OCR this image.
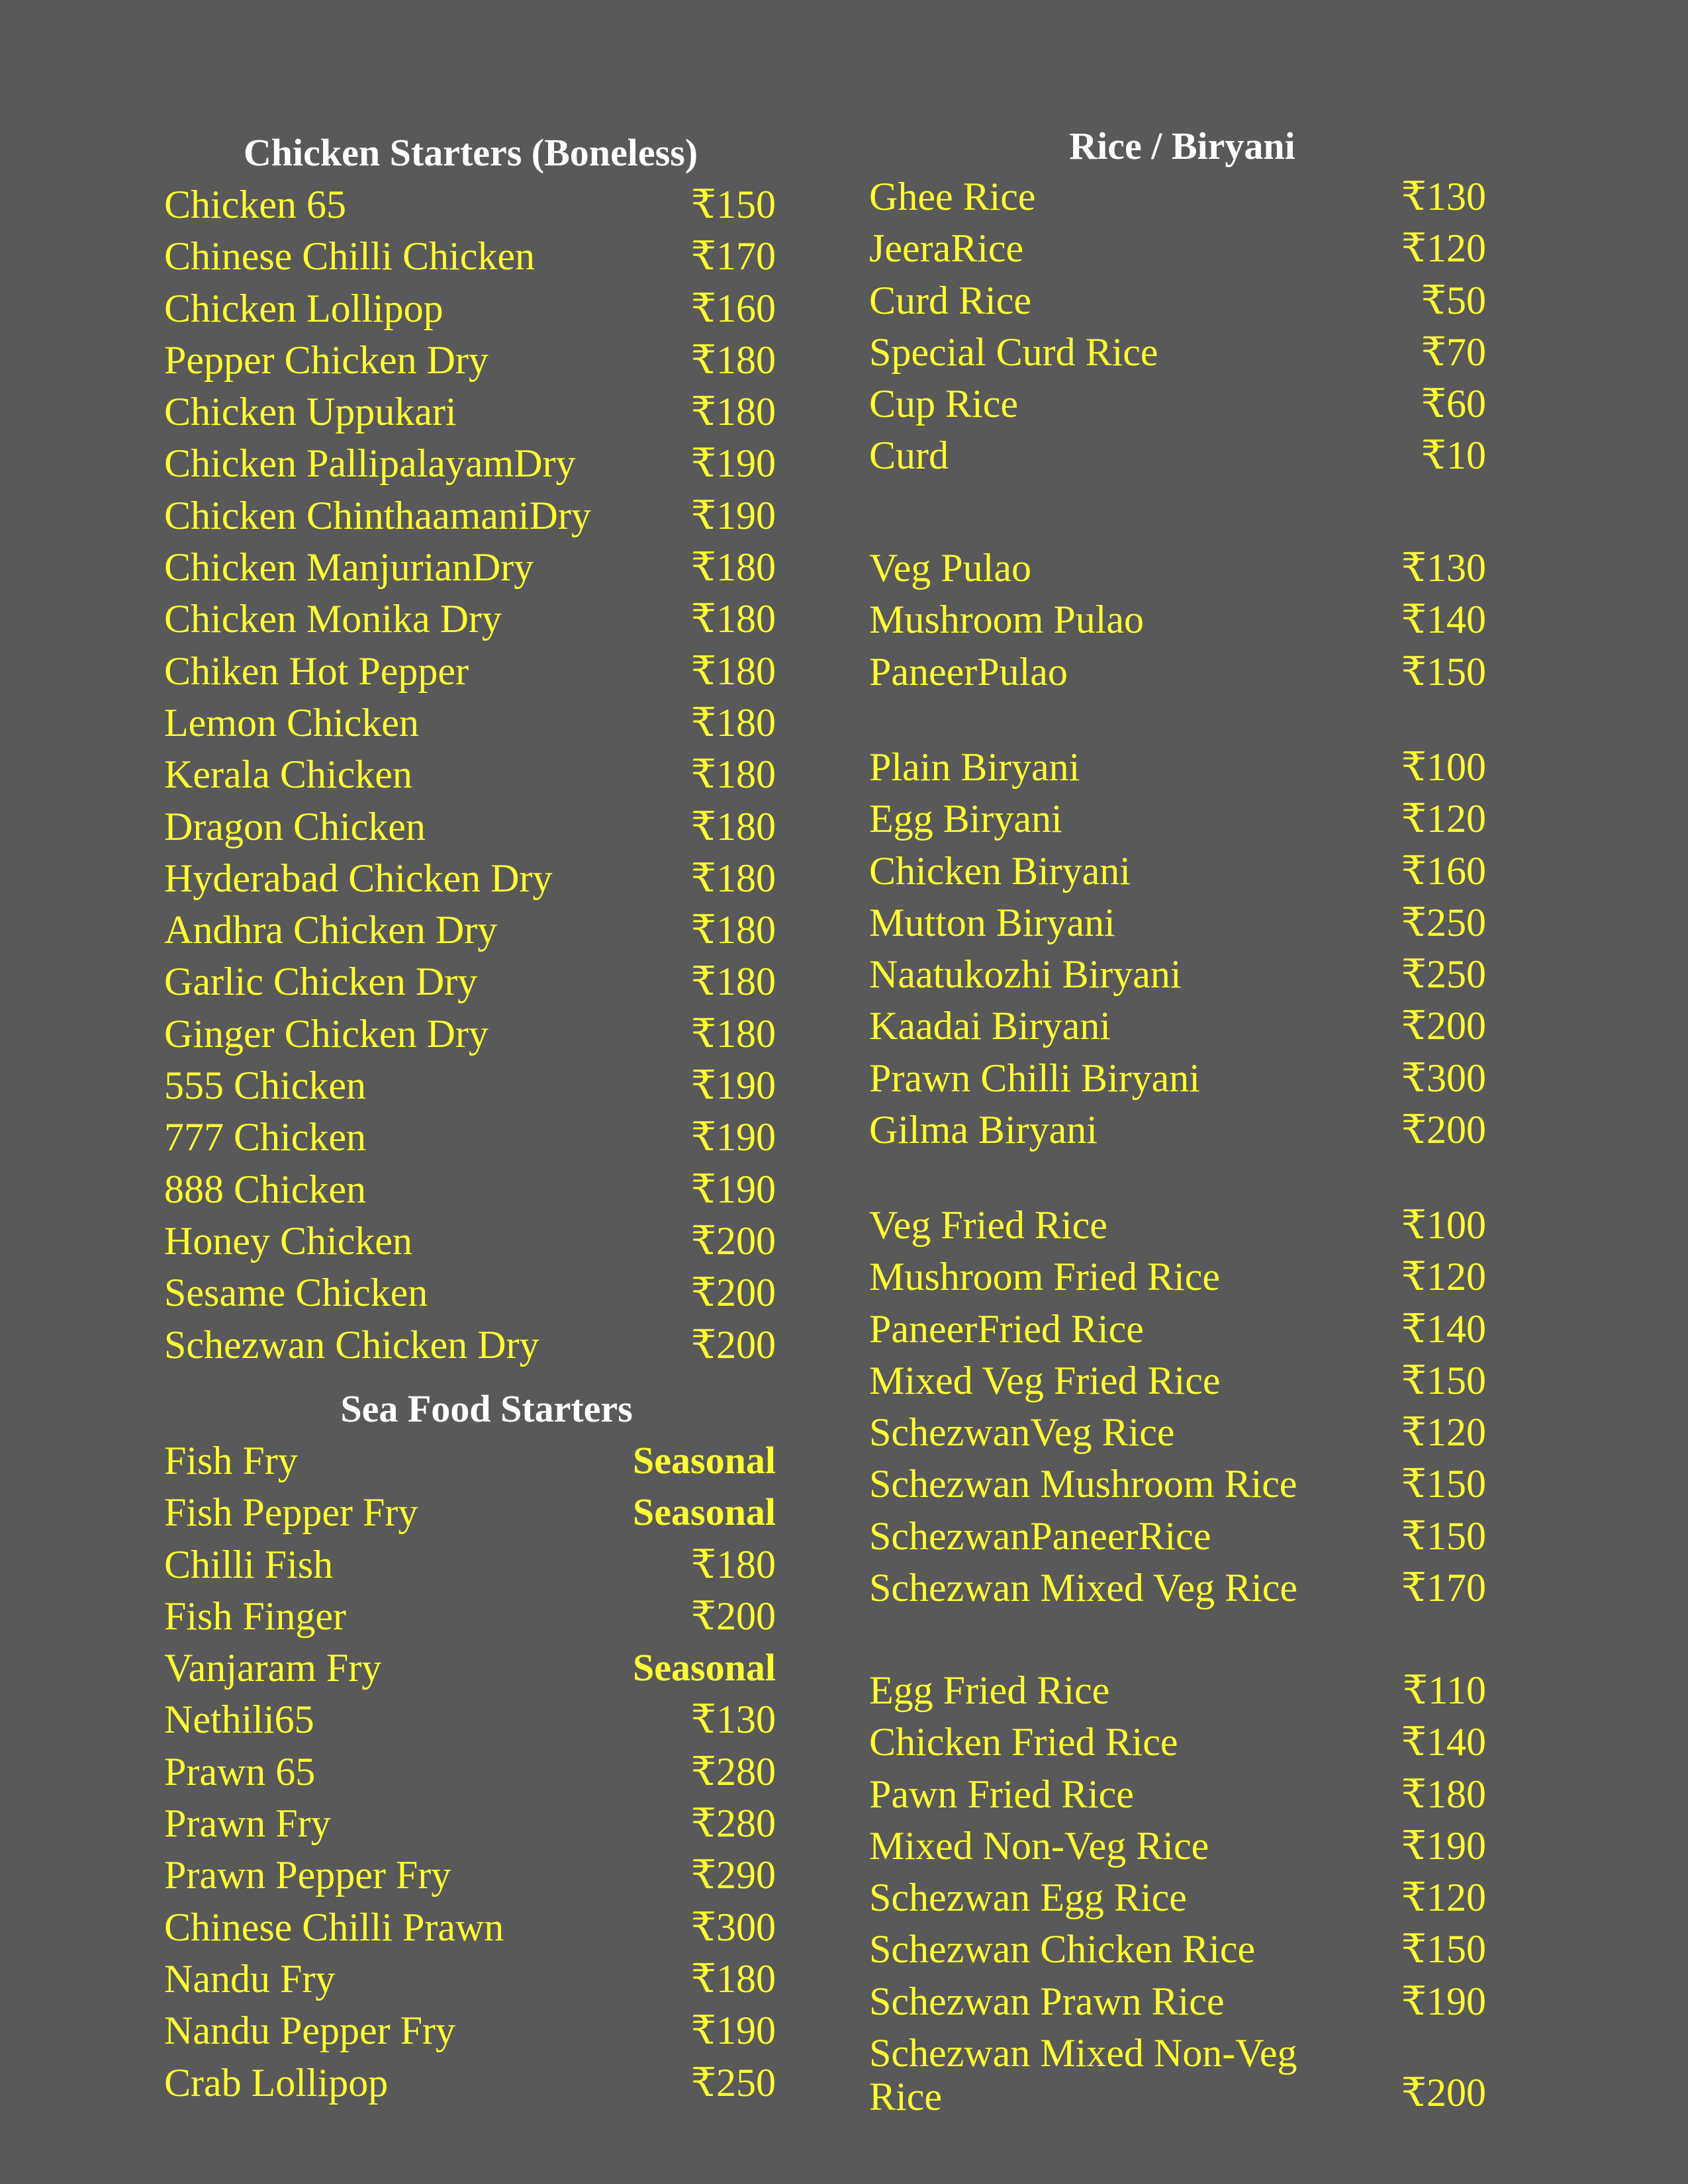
Chicken Starters (Boneless)
Chicken 65	₹150
Chinese Chilli Chicken	₹170
Chicken Lollipop	₹160
Pepper Chicken Dry	₹180
Chicken Uppukari	₹180
Chicken PallipalayamDry	₹190
Chicken ChinthaamaniDry	₹190
Chicken ManjurianDry	₹180
Chicken Monika Dry	₹180
Chiken Hot Pepper	₹180
Lemon Chicken	₹180
Kerala Chicken	₹180
Dragon Chicken	₹180
Hyderabad Chicken Dry	₹180
Andhra Chicken Dry	₹180
Garlic Chicken Dry	₹180
Ginger Chicken Dry	₹180
555 Chicken	₹190
777 Chicken	₹190
888 Chicken	₹190
Honey Chicken	₹200
Sesame Chicken	₹200
Schezwan Chicken Dry	₹200
Sea Food Starters
Fish Fry	Seasonal
Fish Pepper Fry	Seasonal
Chilli Fish	₹180
Fish Finger	₹200
Vanjaram Fry	Seasonal
Nethili65	₹130
Prawn 65	₹280
Prawn Fry	₹280
Prawn Pepper Fry	₹290
Chinese Chilli Prawn	₹300
Nandu Fry	₹180
Nandu Pepper Fry	₹190
Crab Lollipop	₹250
Rice / Biryani
Ghee Rice	₹130
JeeraRice	₹120
Curd Rice	₹50
Special Curd Rice	₹70
Cup Rice	₹60
Curd	₹10
Veg Pulao	₹130
Mushroom Pulao	₹140
PaneerPulao	₹150
Plain Biryani	₹100
Egg Biryani	₹120
Chicken Biryani	₹160
Mutton Biryani	₹250
Naatukozhi Biryani	₹250
Kaadai Biryani	₹200
Prawn Chilli Biryani	₹300
Gilma Biryani	₹200
Veg Fried Rice	₹100
Mushroom Fried Rice	₹120
PaneerFried Rice	₹140
Mixed Veg Fried Rice	₹150
SchezwanVeg Rice	₹120
Schezwan Mushroom Rice	₹150
SchezwanPaneerRice	₹150
Schezwan Mixed Veg Rice	₹170
Egg Fried Rice	₹110
Chicken Fried Rice	₹140
Pawn Fried Rice	₹180
Mixed Non-Veg Rice	₹190
Schezwan Egg Rice	₹120
Schezwan Chicken Rice	₹150
Schezwan Prawn Rice	₹190
Schezwan Mixed Non-Veg Rice	₹200
